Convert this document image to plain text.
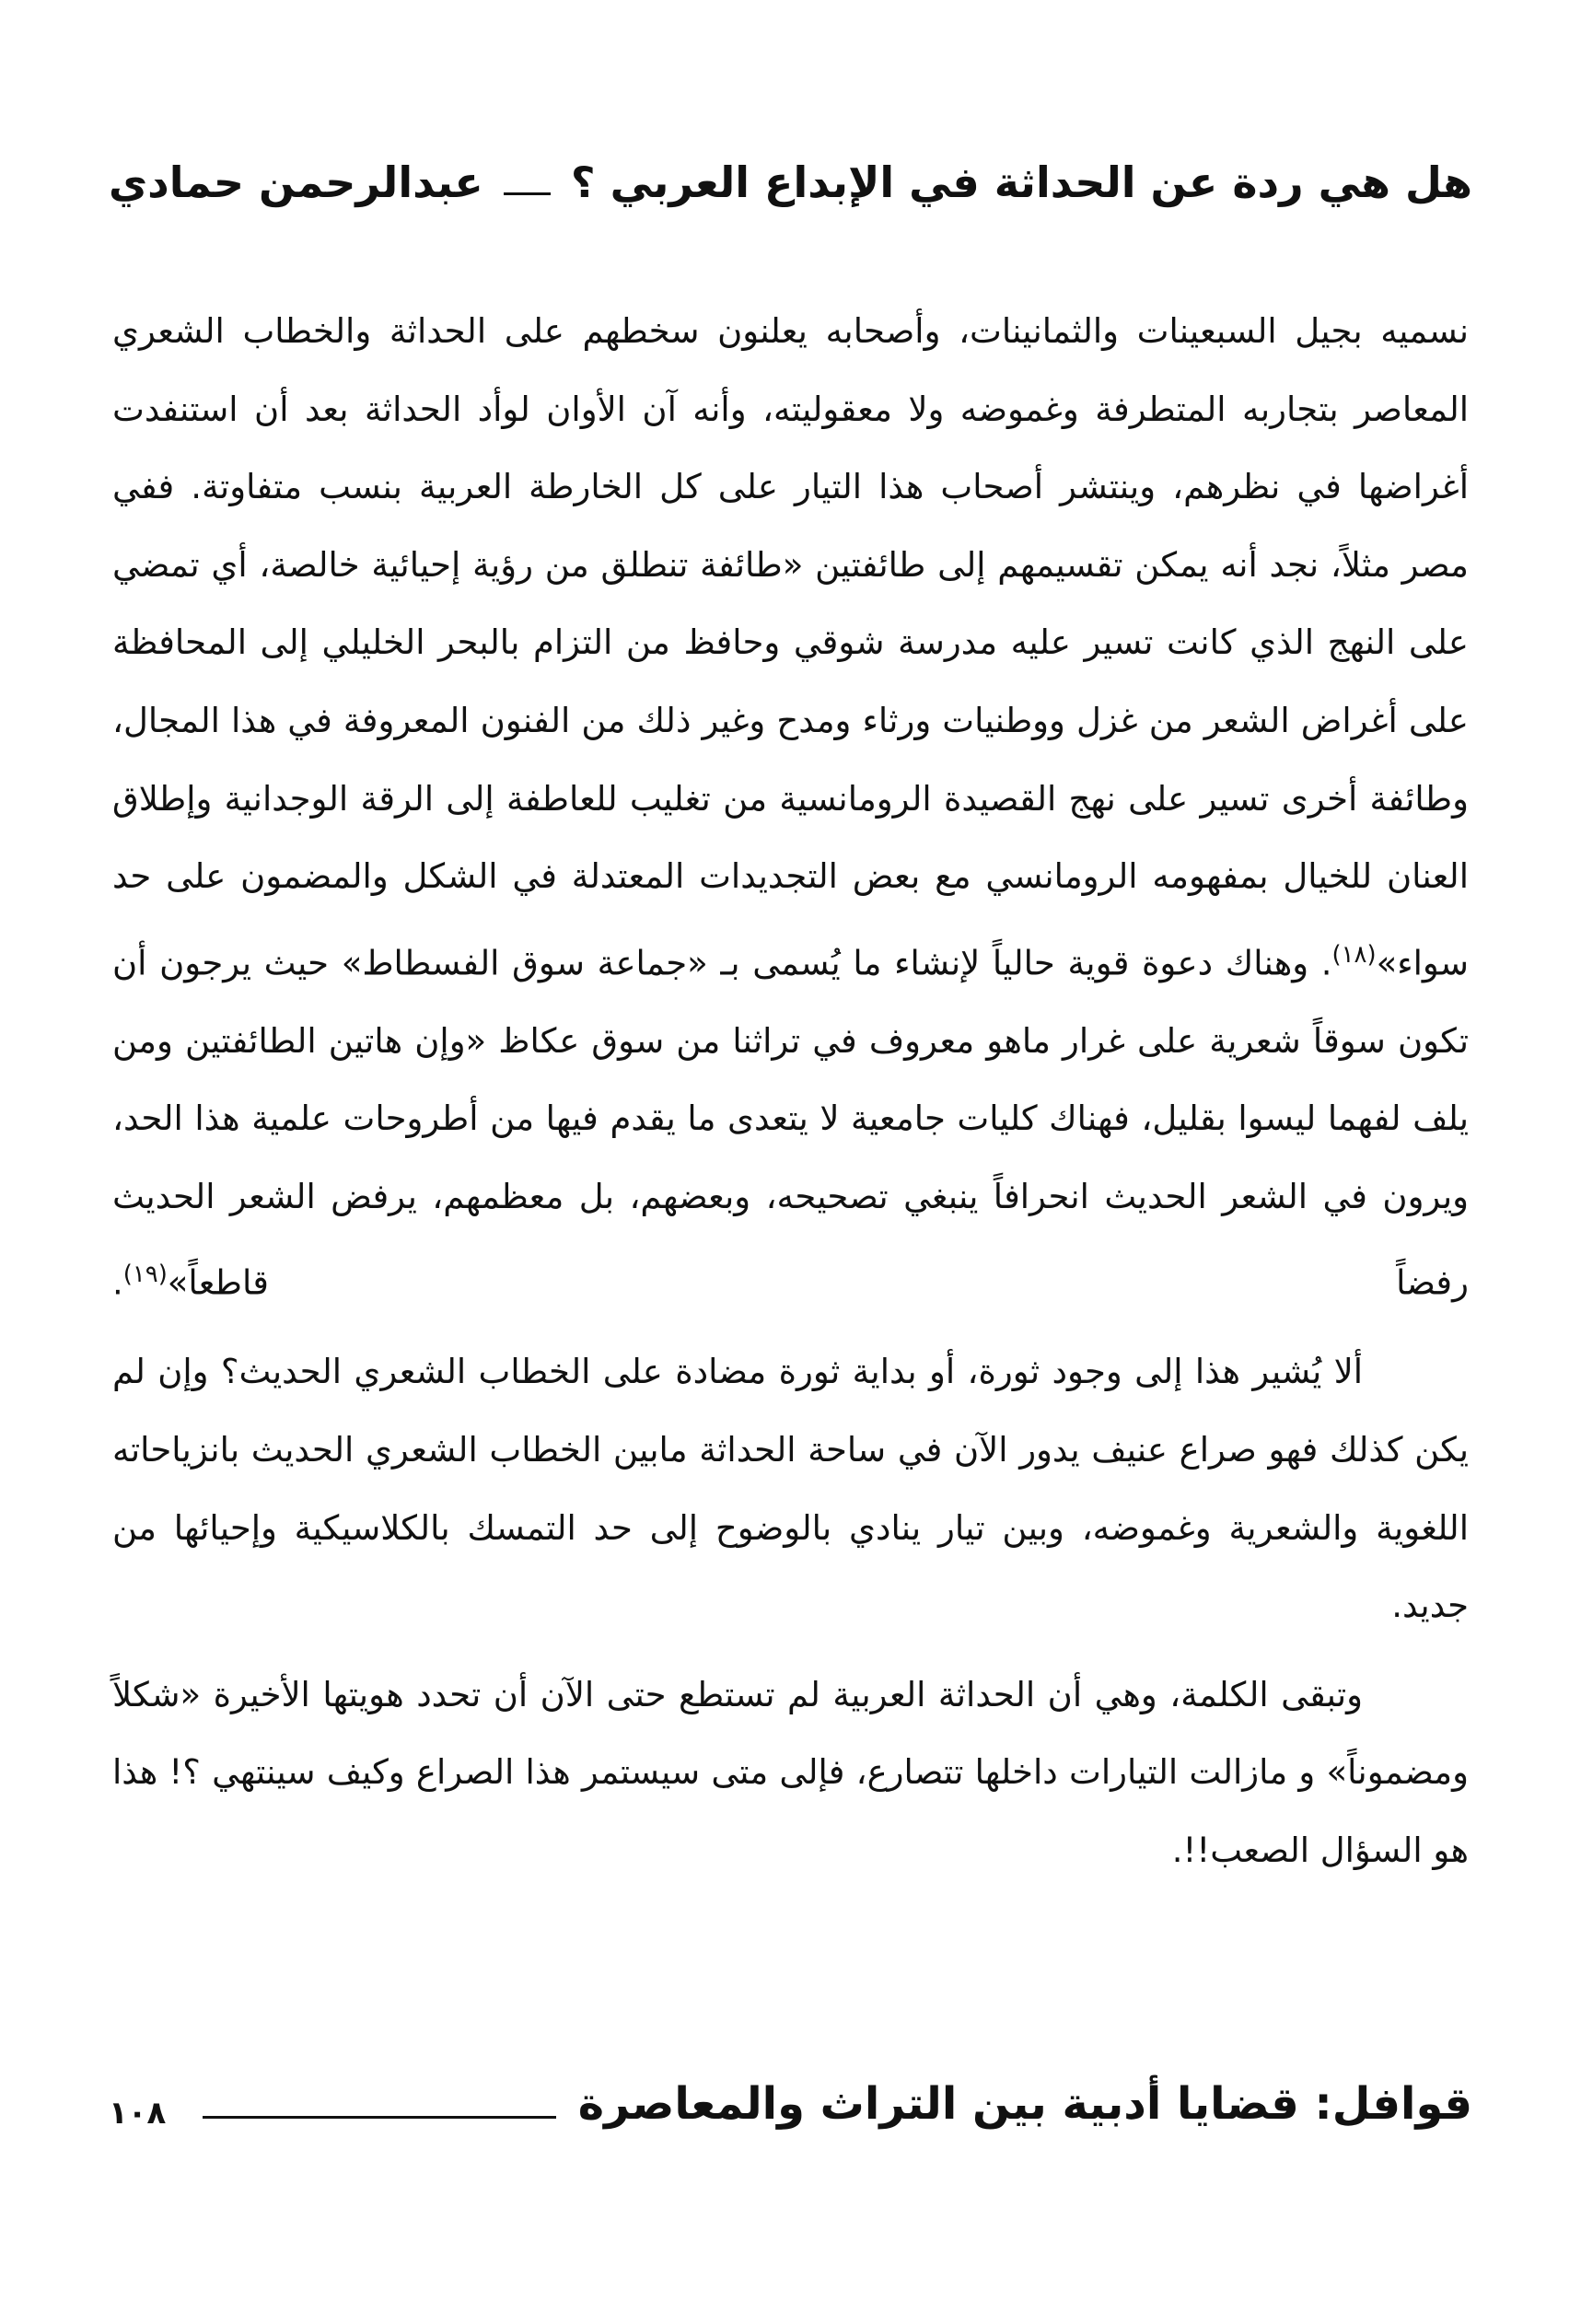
هل هي ردة عن الحداثة في الإبداع العربي ؟
عبدالرحمن حمادي
نسميه بجيل السبعينات والثمانينات، وأصحابه يعلنون سخطهم على الحداثة والخطاب الشعري المعاصر بتجاربه المتطرفة وغموضه ولا معقوليته، وأنه آن الأوان لوأد الحداثة بعد أن استنفدت أغراضها في نظرهم، وينتشر أصحاب هذا التيار على كل الخارطة العربية بنسب متفاوتة. ففي مصر مثلاً، نجد أنه يمكن تقسيمهم إلى طائفتين «طائفة تنطلق من رؤية إحيائية خالصة، أي تمضي على النهج الذي كانت تسير عليه مدرسة شوقي وحافظ من التزام بالبحر الخليلي إلى المحافظة على أغراض الشعر من غزل ووطنيات ورثاء ومدح وغير ذلك من الفنون المعروفة في هذا المجال، وطائفة أخرى تسير على نهج القصيدة الرومانسية من تغليب للعاطفة إلى الرقة الوجدانية وإطلاق العنان للخيال بمفهومه الرومانسي مع بعض التجديدات المعتدلة في الشكل والمضمون على حد سواء»$^{(١٨)}$. وهناك دعوة قوية حالياً لإنشاء ما يُسمى بـ «جماعة سوق الفسطاط» حيث يرجون أن تكون سوقاً شعرية على غرار ماهو معروف في تراثنا من سوق عكاظ «وإن هاتين الطائفتين ومن يلف لفهما ليسوا بقليل، فهناك كليات جامعية لا يتعدى ما يقدم فيها من أطروحات علمية هذا الحد، ويرون في الشعر الحديث انحرافاً ينبغي تصحيحه، وبعضهم، بل معظمهم، يرفض الشعر الحديث رفضاً قاطعاً»$^{(١٩)}$.
ألا يُشير هذا إلى وجود ثورة، أو بداية ثورة مضادة على الخطاب الشعري الحديث؟ وإن لم يكن كذلك فهو صراع عنيف يدور الآن في ساحة الحداثة مابين الخطاب الشعري الحديث بانزياحاته اللغوية والشعرية وغموضه، وبين تيار ينادي بالوضوح إلى حد التمسك بالكلاسيكية وإحيائها من جديد.
وتبقى الكلمة، وهي أن الحداثة العربية لم تستطع حتى الآن أن تحدد هويتها الأخيرة «شكلاً ومضموناً» و مازالت التيارات داخلها تتصارع، فإلى متى سيستمر هذا الصراع وكيف سينتهي ؟! هذا هو السؤال الصعب!!.
قوافل: قضايا أدبية بين التراث والمعاصرة
١٠٨
